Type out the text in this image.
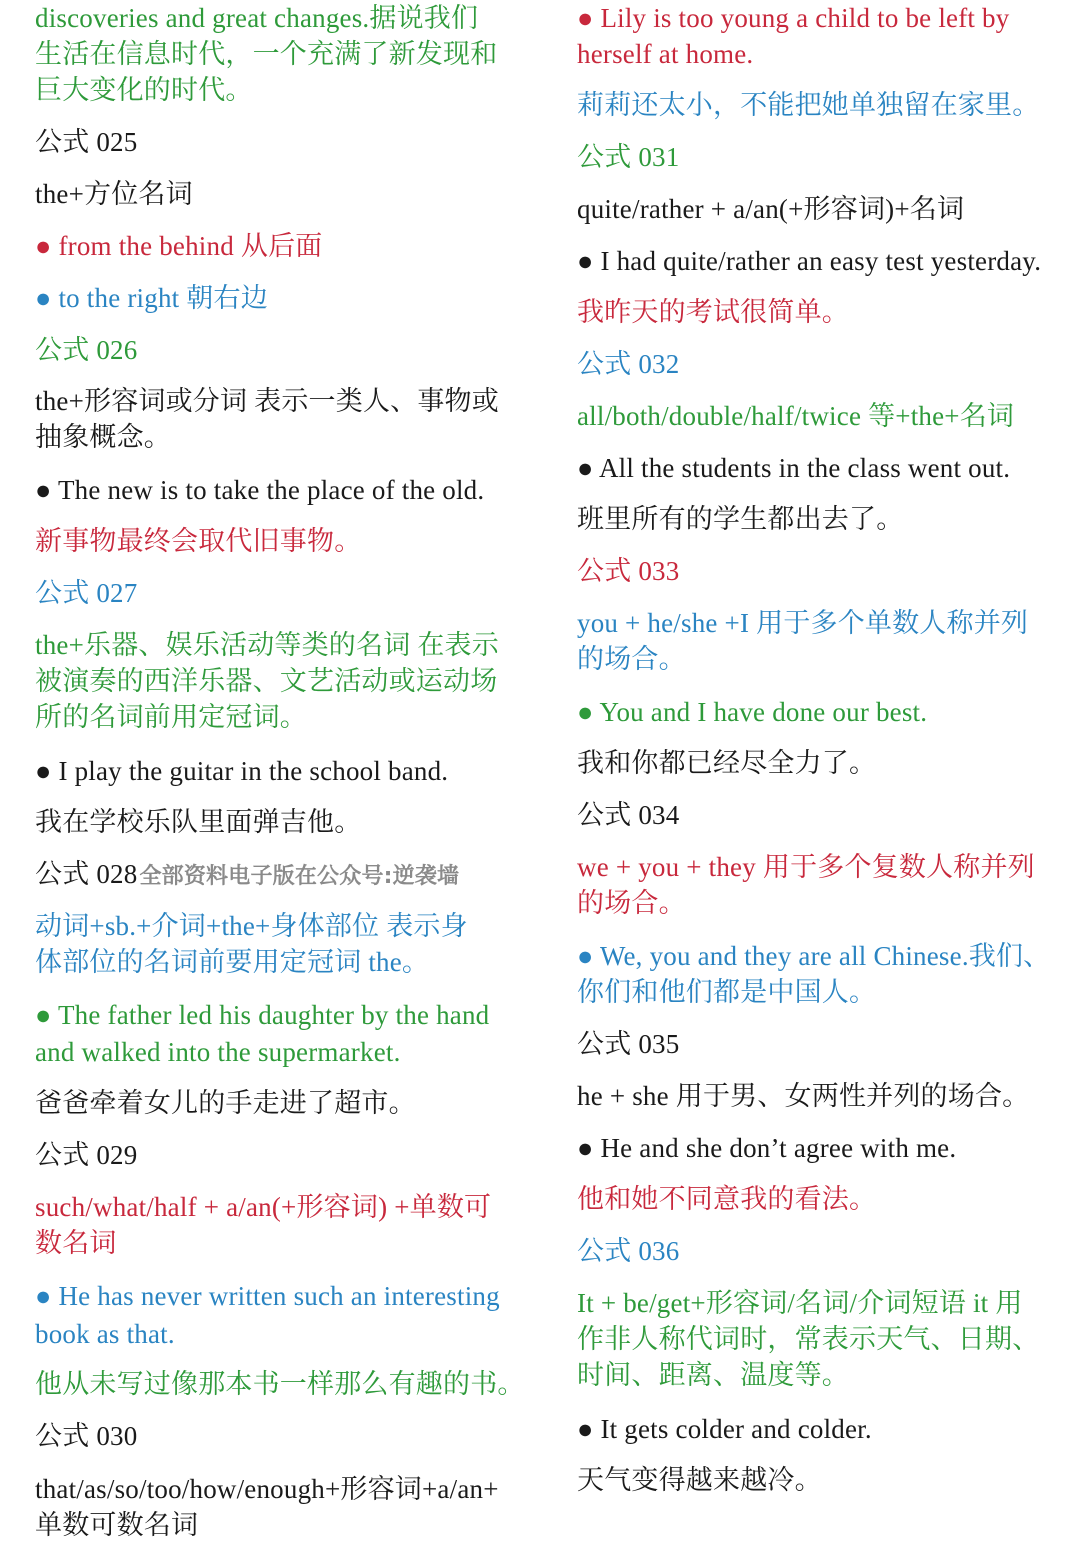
discoveries and great changes.据说我们
生活在信息时代，一个充满了新发现和
巨大变化的时代。
公式 025
the+方位名词
● from the behind 从后面
● to the right 朝右边
公式 026
the+形容词或分词 表示一类人、事物或
抽象概念。
● The new is to take the place of the old.
新事物最终会取代旧事物。
公式 027
the+乐器、娱乐活动等类的名词 在表示
被演奏的西洋乐器、文艺活动或运动场
所的名词前用定冠词。
● I play the guitar in the school band.
我在学校乐队里面弹吉他。
公式 028全部资料电子版在公众号:逆袭墙
动词+sb.+介词+the+身体部位 表示身
体部位的名词前要用定冠词 the。
● The father led his daughter by the hand
and walked into the supermarket.
爸爸牵着女儿的手走进了超市。
公式 029
such/what/half + a/an(+形容词) +单数可
数名词
● He has never written such an interesting
book as that.
他从未写过像那本书一样那么有趣的书。
公式 030
that/as/so/too/how/enough+形容词+a/an+
单数可数名词
● Lily is too young a child to be left by
herself at home.
莉莉还太小，不能把她单独留在家里。
公式 031
quite/rather + a/an(+形容词)+名词
● I had quite/rather an easy test yesterday.
我昨天的考试很简单。
公式 032
all/both/double/half/twice 等+the+名词
● All the students in the class went out.
班里所有的学生都出去了。
公式 033
you + he/she +I 用于多个单数人称并列
的场合。
● You and I have done our best.
我和你都已经尽全力了。
公式 034
we + you + they 用于多个复数人称并列
的场合。
● We, you and they are all Chinese.我们、
你们和他们都是中国人。
公式 035
he + she 用于男、女两性并列的场合。
● He and she don’t agree with me.
他和她不同意我的看法。
公式 036
It + be/get+形容词/名词/介词短语 it 用
作非人称代词时，常表示天气、日期、
时间、距离、温度等。
● It gets colder and colder.
天气变得越来越冷。
